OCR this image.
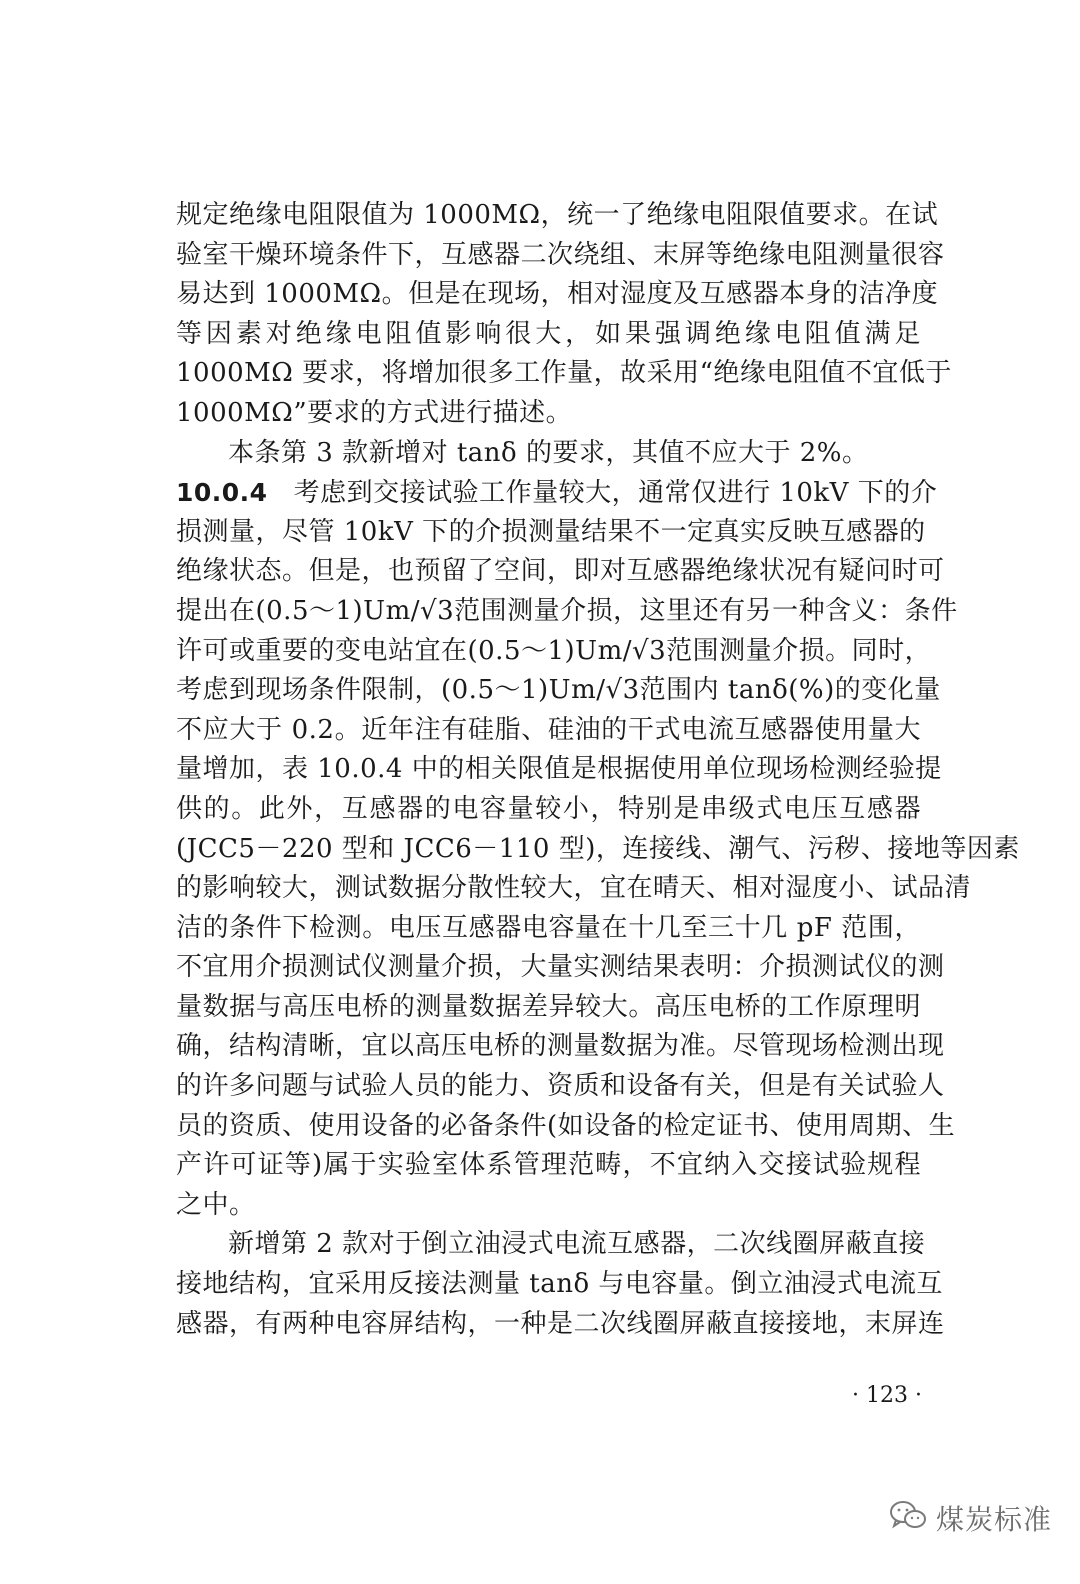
规定绝缘电阻限值为 1000MΩ，统一了绝缘电阻限值要求。在试
验室干燥环境条件下，互感器二次绕组、末屏等绝缘电阻测量很容
易达到 1000MΩ。但是在现场，相对湿度及互感器本身的洁净度
等因素对绝缘电阻值影响很大，如果强调绝缘电阻值满足
1000MΩ 要求，将增加很多工作量，故采用“绝缘电阻值不宜低于
1000MΩ”要求的方式进行描述。
本条第 3 款新增对 tanδ 的要求，其值不应大于 2%。
10.0.4 考虑到交接试验工作量较大，通常仅进行 10kV 下的介
损测量，尽管 10kV 下的介损测量结果不一定真实反映互感器的
绝缘状态。但是，也预留了空间，即对互感器绝缘状况有疑问时可
提出在(0.5～1)Um/√3范围测量介损，这里还有另一种含义：条件
许可或重要的变电站宜在(0.5～1)Um/√3范围测量介损。同时，
考虑到现场条件限制，(0.5～1)Um/√3范围内 tanδ(%)的变化量
不应大于 0.2。近年注有硅脂、硅油的干式电流互感器使用量大
量增加，表 10.0.4 中的相关限值是根据使用单位现场检测经验提
供的。此外，互感器的电容量较小，特别是串级式电压互感器
(JCC5－220 型和 JCC6－110 型)，连接线、潮气、污秽、接地等因素
的影响较大，测试数据分散性较大，宜在晴天、相对湿度小、试品清
洁的条件下检测。电压互感器电容量在十几至三十几 pF 范围，
不宜用介损测试仪测量介损，大量实测结果表明：介损测试仪的测
量数据与高压电桥的测量数据差异较大。高压电桥的工作原理明
确，结构清晰，宜以高压电桥的测量数据为准。尽管现场检测出现
的许多问题与试验人员的能力、资质和设备有关，但是有关试验人
员的资质、使用设备的必备条件(如设备的检定证书、使用周期、生
产许可证等)属于实验室体系管理范畴，不宜纳入交接试验规程
之中。
新增第 2 款对于倒立油浸式电流互感器，二次线圈屏蔽直接
接地结构，宜采用反接法测量 tanδ 与电容量。倒立油浸式电流互
感器，有两种电容屏结构，一种是二次线圈屏蔽直接接地，末屏连
· 123 ·
煤炭标准
